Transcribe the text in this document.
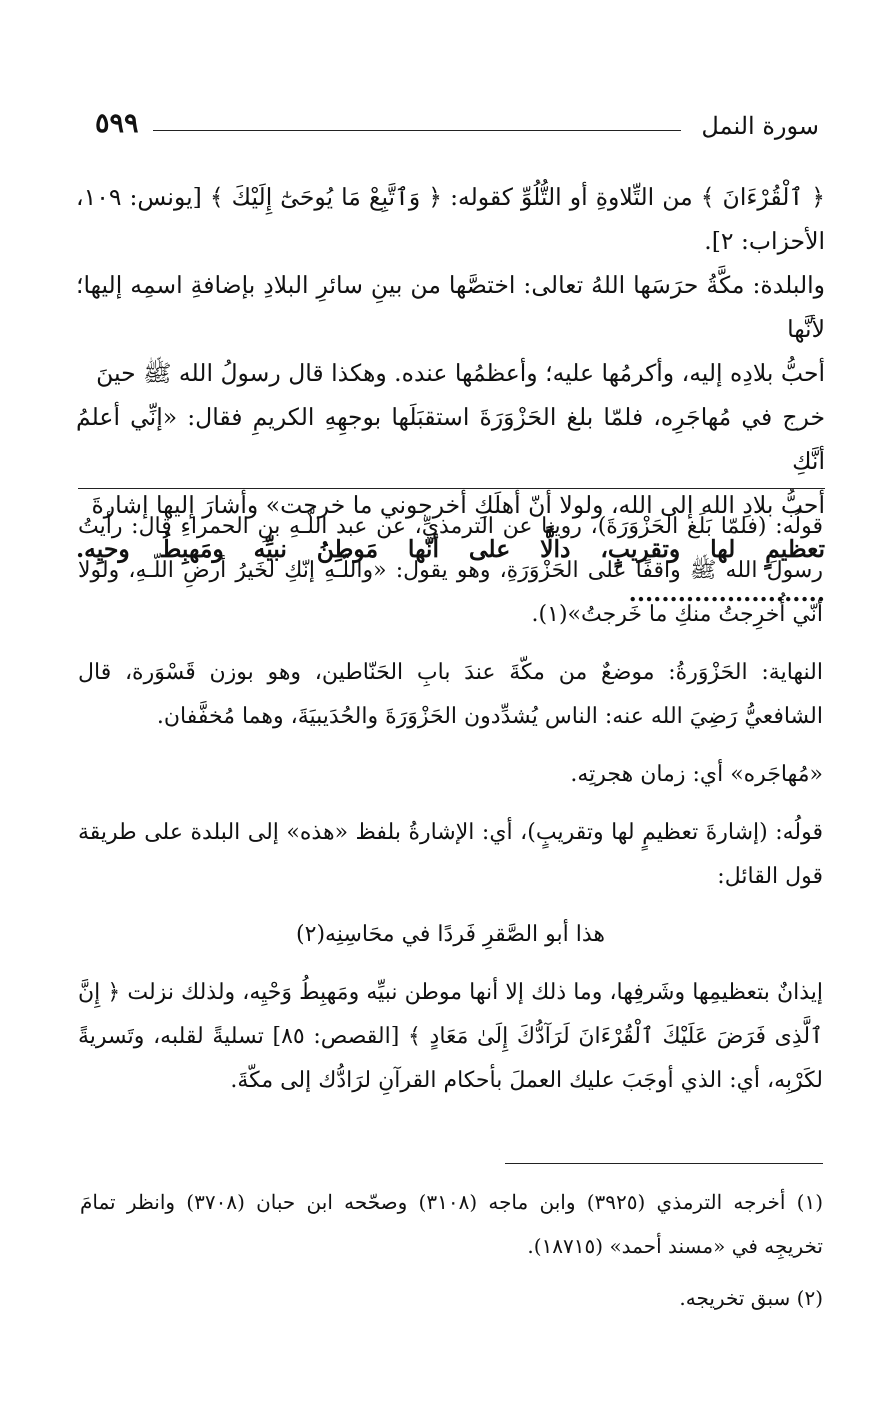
٥٩٩	سورة النمل

﴿ ٱلْقُرْءَانَ ﴾ من التِّلاوةِ أو التُّلُوِّ كقوله: ﴿ وَٱتَّبِعْ مَا يُوحَىٰٓ إِلَيْكَ ﴾ [يونس: ١٠٩، الأحزاب: ٢].

والبلدة: مكَّةُ حرَسَها اللهُ تعالى: اختصَّها من بينِ سائرِ البلادِ بإضافةِ اسمِه إليها؛ لأنَّها

أحبُّ بلادِه إليه، وأكرمُها عليه؛ وأعظمُها عنده. وهكذا قال رسولُ الله ﷺ حينَ

خرج في مُهاجَرِه، فلمّا بلغ الحَزْوَرَةَ استقبَلَها بوجهِهِ الكريمِ فقال: «إنِّي أعلمُ أنَّكِ

أحبُّ بلادِ الله إلى الله، ولولا أنّ أهلَكِ أخرجوني ما خرجت» وأشارَ إليها إشارةَ

تعظيمٍ لها وتقريبٍ، دالًّا على أنّها مَوطِنُ نبيِّه ومَهبِطُ وحيِه. ........................

قولُه: (فلمّا بَلَغ الحَزْوَرَةَ)، روينا عن الترمذيِّ، عن عبد اللّـهِ بنِ الحمراءِ قال: رأيتُ رسولَ الله ﷺ واقفًا على الحَزْوَرَةِ، وهو يقول: «واللّـهِ إنّكِ لخَيرُ أرضِ اللّـهِ، ولولا أنّي أُخرِجتُ منكِ ما خَرجتُ»(١).

النهاية: الحَزْوَرةُ: موضعٌ من مكّةَ عندَ بابِ الحَنّاطين، وهو بوزن قَسْوَرة، قال الشافعيُّ رَضِيَ الله عنه: الناس يُشدِّدون الحَزْوَرَةَ والحُدَيبيَةَ، وهما مُخفَّفان.

«مُهاجَره» أي: زمان هجرتِه.

قولُه: (إشارةَ تعظيمٍ لها وتقريبٍ)، أي: الإشارةُ بلفظ «هذه» إلى البلدة على طريقة قول القائل:

هذا أبو الصَّقرِ فَردًا في محَاسِنِه(٢)

إيذانٌ بتعظيمِها وشَرفِها، وما ذلك إلا أنها موطن نبيِّه ومَهبِطُ وَحْيِه، ولذلك نزلت ﴿ إِنَّ ٱلَّذِى فَرَضَ عَلَيْكَ ٱلْقُرْءَانَ لَرَآدُّكَ إِلَىٰ مَعَادٍ ﴾ [القصص: ٨٥] تسليةً لقلبه، وتَسريةً لكَرْبِه، أي: الذي أوجَبَ عليك العملَ بأحكام القرآنِ لرَادُّك إلى مكّةَ.

(١) أخرجه الترمذي (٣٩٢٥) وابن ماجه (٣١٠٨) وصحّحه ابن حبان (٣٧٠٨) وانظر تمامَ تخريجِه في «مسند أحمد» (١٨٧١٥).

(٢) سبق تخريجه.
